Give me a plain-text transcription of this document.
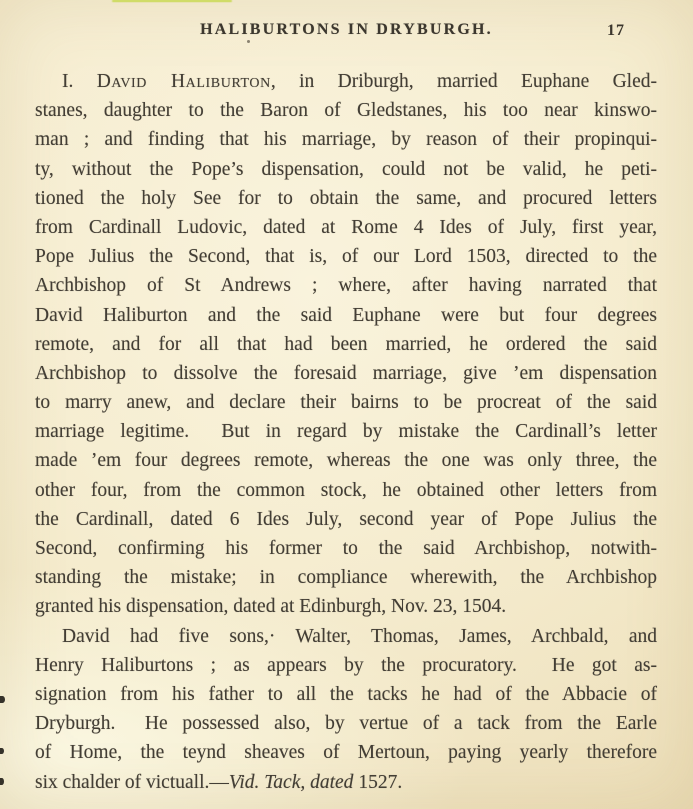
HALIBURTONS IN DRYBURGH.	17
I. David Haliburton, in Driburgh, married Euphane Gled-
stanes, daughter to the Baron of Gledstanes, his too near kinswo-
man ; and finding that his marriage, by reason of their propinqui-
ty, without the Pope’s dispensation, could not be valid, he peti-
tioned the holy See for to obtain the same, and procured letters
from Cardinall Ludovic, dated at Rome 4 Ides of July, first year,
Pope Julius the Second, that is, of our Lord 1503, directed to the
Archbishop of St Andrews ; where, after having narrated that
David Haliburton and the said Euphane were but four degrees
remote, and for all that had been married, he ordered the said
Archbishop to dissolve the foresaid marriage, give ’em dispensation
to marry anew, and declare their bairns to be procreat of the said
marriage legitime.  But in regard by mistake the Cardinall’s letter
made ’em four degrees remote, whereas the one was only three, the
other four, from the common stock, he obtained other letters from
the Cardinall, dated 6 Ides July, second year of Pope Julius the
Second, confirming his former to the said Archbishop, notwith-
standing the mistake; in compliance wherewith, the Archbishop
granted his dispensation, dated at Edinburgh, Nov. 23, 1504.
David had five sons,· Walter, Thomas, James, Archbald, and
Henry Haliburtons ; as appears by the procuratory.  He got as-
signation from his father to all the tacks he had of the Abbacie of
Dryburgh.  He possessed also, by vertue of a tack from the Earle
of Home, the teynd sheaves of Mertoun, paying yearly therefore
six chalder of victuall.—Vid. Tack, dated 1527.
